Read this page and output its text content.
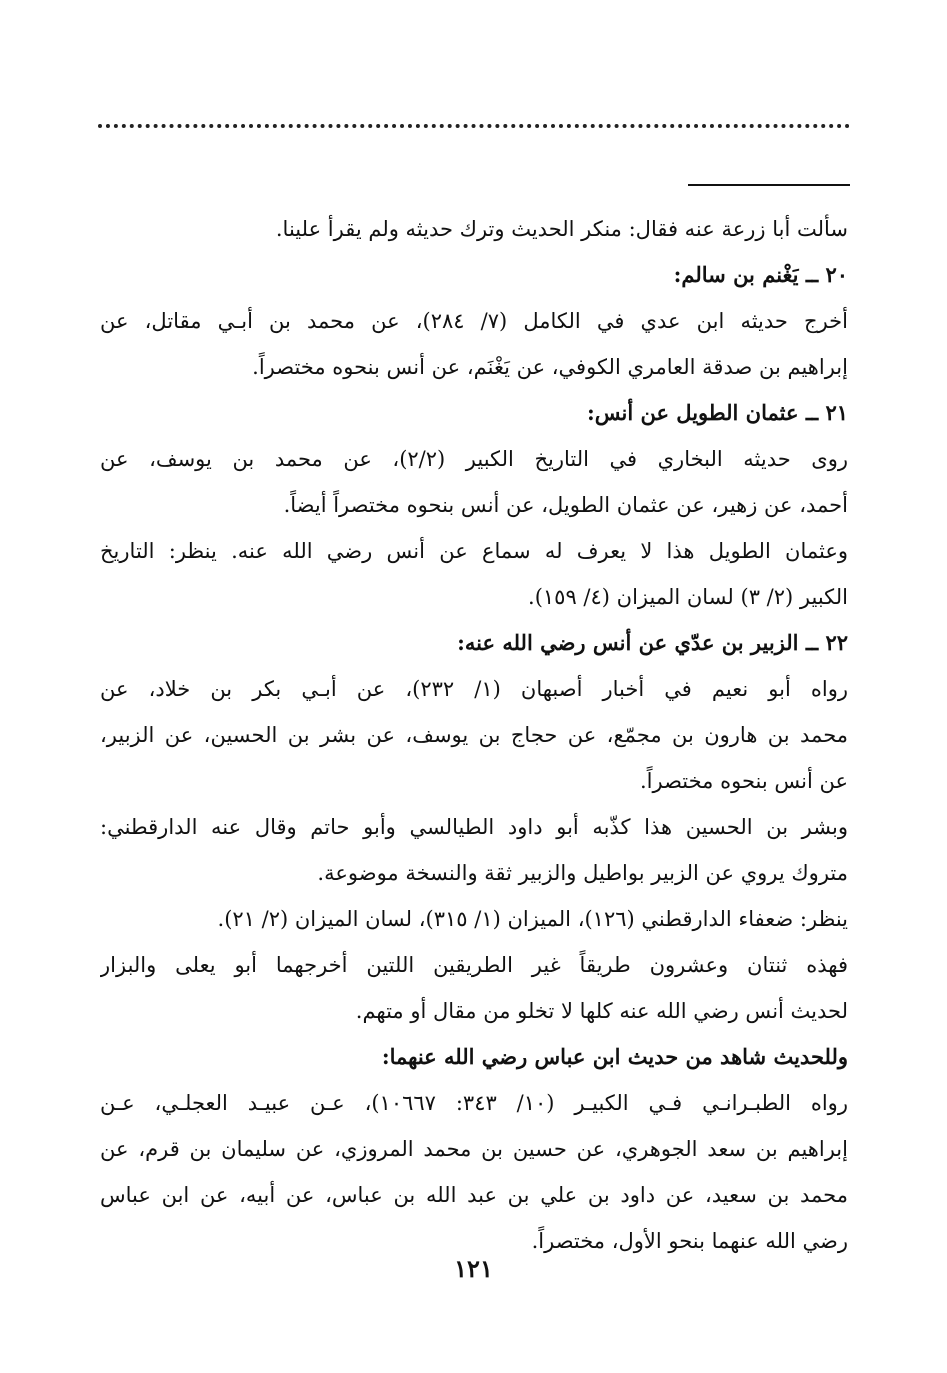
سألت أبا زرعة عنه فقال: منكر الحديث وترك حديثه ولم يقرأ علينا.
٢٠ ــ يَغْنم بن سالم:
أخرج حديثه ابن عدي في الكامل (٧/ ٢٨٤)، عن محمد بن أبـي مقاتل، عن
إبراهيم بن صدقة العامري الكوفي، عن يَغْنَم، عن أنس بنحوه مختصراً.
٢١ ــ عثمان الطويل عن أنس:
روى حديثه البخاري في التاريخ الكبير (٢/٢)، عن محمد بن يوسف، عن
أحمد، عن زهير، عن عثمان الطويل، عن أنس بنحوه مختصراً أيضاً.
وعثمان الطويل هذا لا يعرف له سماع عن أنس رضي الله عنه. ينظر: التاريخ
الكبير (٢/ ٣) لسان الميزان (٤/ ١٥٩).
٢٢ ــ الزبير بن عدّي عن أنس رضي الله عنه:
رواه أبو نعيم في أخبار أصبهان (١/ ٢٣٢)، عن أبـي بكر بن خلاد، عن
محمد بن هارون بن مجمّع، عن حجاج بن يوسف، عن بشر بن الحسين، عن الزبير،
عن أنس بنحوه مختصراً.
وبشر بن الحسين هذا كذّبه أبو داود الطيالسي وأبو حاتم وقال عنه الدارقطني:
متروك يروي عن الزبير بواطيل والزبير ثقة والنسخة موضوعة.
ينظر: ضعفاء الدارقطني (١٢٦)، الميزان (١/ ٣١٥)، لسان الميزان (٢/ ٢١).
فهذه ثنتان وعشرون طريقاً غير الطريقين اللتين أخرجهما أبو يعلى والبزار
لحديث أنس رضي الله عنه كلها لا تخلو من مقال أو متهم.
وللحديث شاهد من حديث ابن عباس رضي الله عنهما:
رواه الطبـرانـي فـي الكبيـر (١٠/ ٣٤٣: ١٠٦٦٧)، عـن عبيـد العجلـي، عـن
إبراهيم بن سعد الجوهري، عن حسين بن محمد المروزي، عن سليمان بن قرم، عن
محمد بن سعيد، عن داود بن علي بن عبد الله بن عباس، عن أبيه، عن ابن عباس
رضي الله عنهما بنحو الأول، مختصراً.
١٢١
